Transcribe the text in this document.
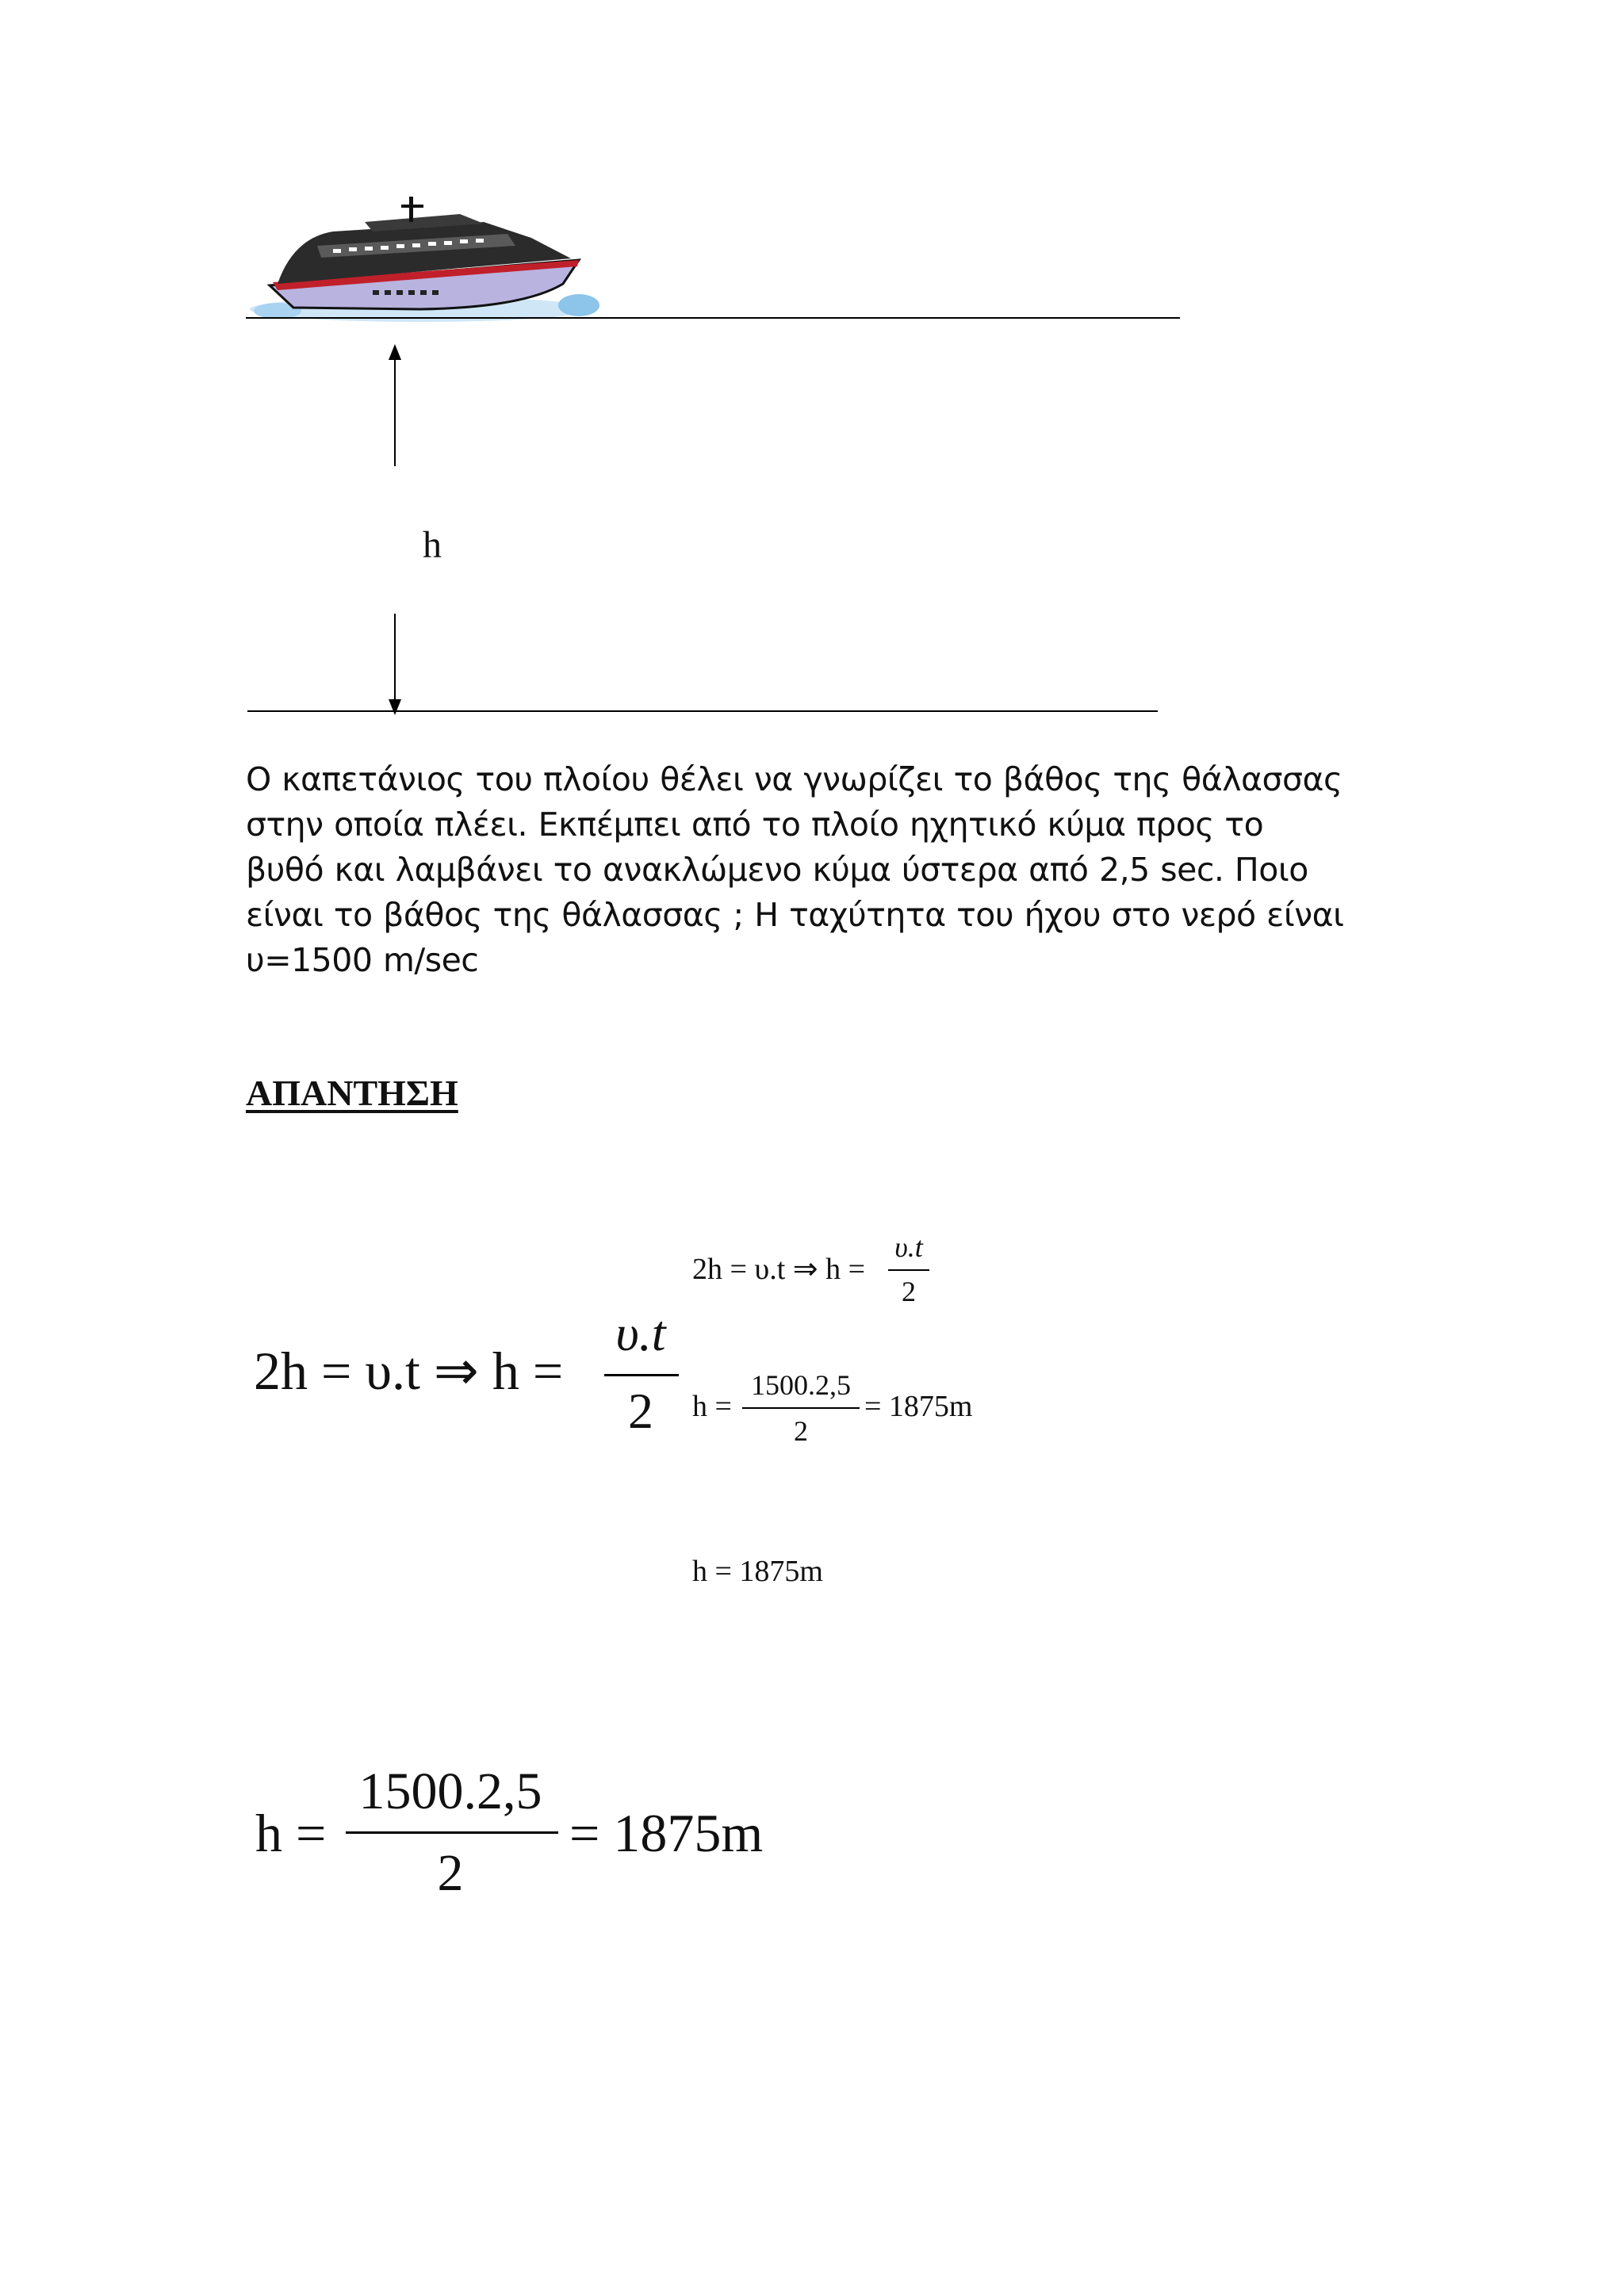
h
Ο καπετάνιος του πλοίου θέλει να γνωρίζει το βάθος της θάλασσας
στην οποία πλέει. Εκπέμπει από το πλοίο ηχητικό κύμα προς το
βυθό και λαμβάνει το ανακλώμενο κύμα ύστερα από 2,5 sec. Ποιο
είναι το βάθος της θάλασσας ; Η ταχύτητα του ήχου στο νερό είναι
υ=1500 m/sec
ΑΠΑΝΤΗΣΗ
2h = υ.t ⇒ h =
υ.t
2
h =
1500.2,5
2
= 1875m
2h = υ.t ⇒ h =
υ.t
2
h = 1875m
h =
1500.2,5
2
= 1875m
